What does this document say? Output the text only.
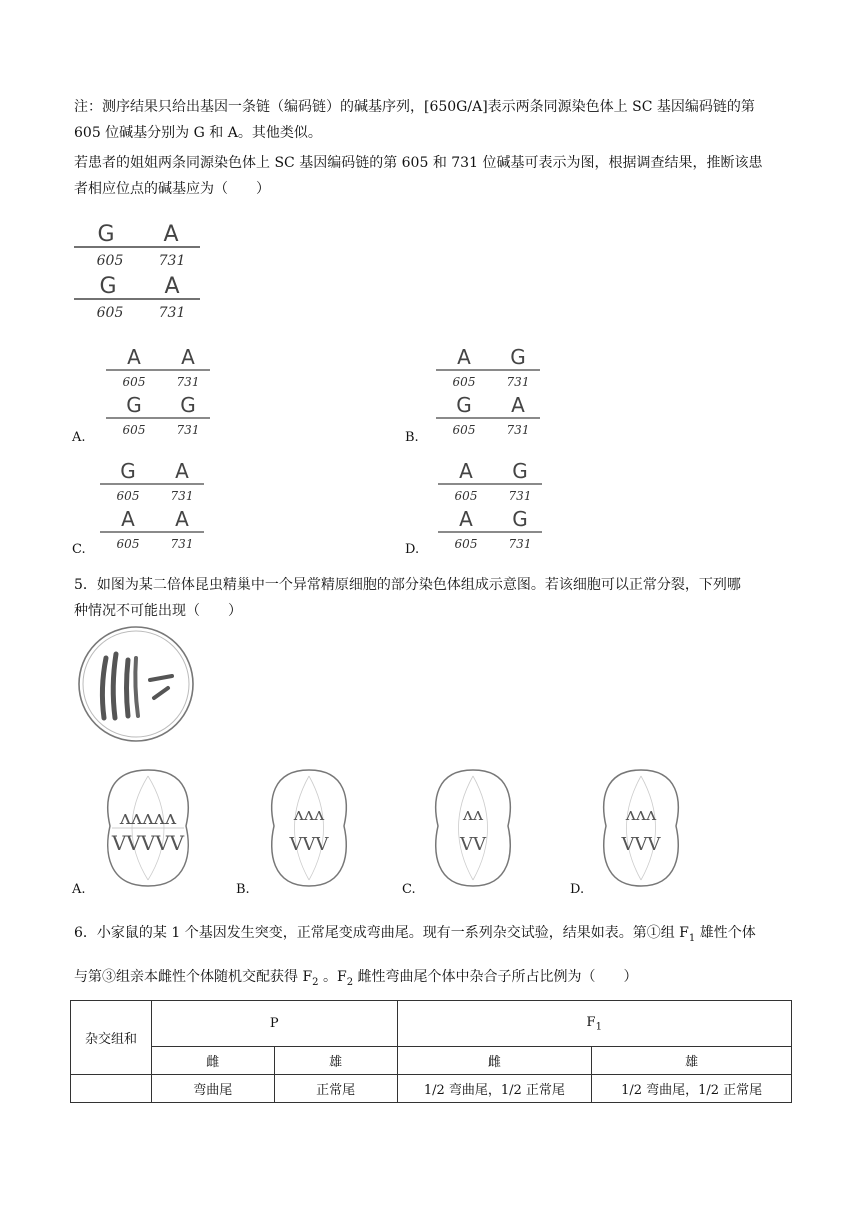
注：测序结果只给出基因一条链（编码链）的碱基序列，[650G/A]表示两条同源染色体上 SC 基因编码链的第

605 位碱基分别为 G 和 A。其他类似。

若患者的姐姐两条同源染色体上 SC 基因编码链的第 605 和 731 位碱基可表示为图，根据调查结果，推断该患

者相应位点的碱基应为（　　）

G A
605	731
G A
605	731
A.
A A
605	731
G G
605	731	B.
A G
605	731
G A
605	731
C.
G A
605	731
A A
605	731	D.
A G
605	731
A G
605	731

5．如图为某二倍体昆虫精巢中一个异常精原细胞的部分染色体组成示意图。若该细胞可以正常分裂，下列哪

种情况不可能出现（　　）

ᴧᴧᴧᴧᴧ
VVVVV
A.
ᴧᴧᴧ
VVV
B.
ᴧᴧ
VV
C.
ᴧᴧᴧ
VVV
D.

6．小家鼠的某 1 个基因发生突变，正常尾变成弯曲尾。现有一系列杂交试验，结果如表。第①组 $F_1$ 雄性个体

与第③组亲本雌性个体随机交配获得 $F_2$ 。$F_2$ 雌性弯曲尾个体中杂合子所占比例为（　　）

杂交组和	P		$F_1$
	雌	雄	雌	雄
	弯曲尾	正常尾	1/2 弯曲尾，1/2 正常尾	1/2 弯曲尾，1/2 正常尾
